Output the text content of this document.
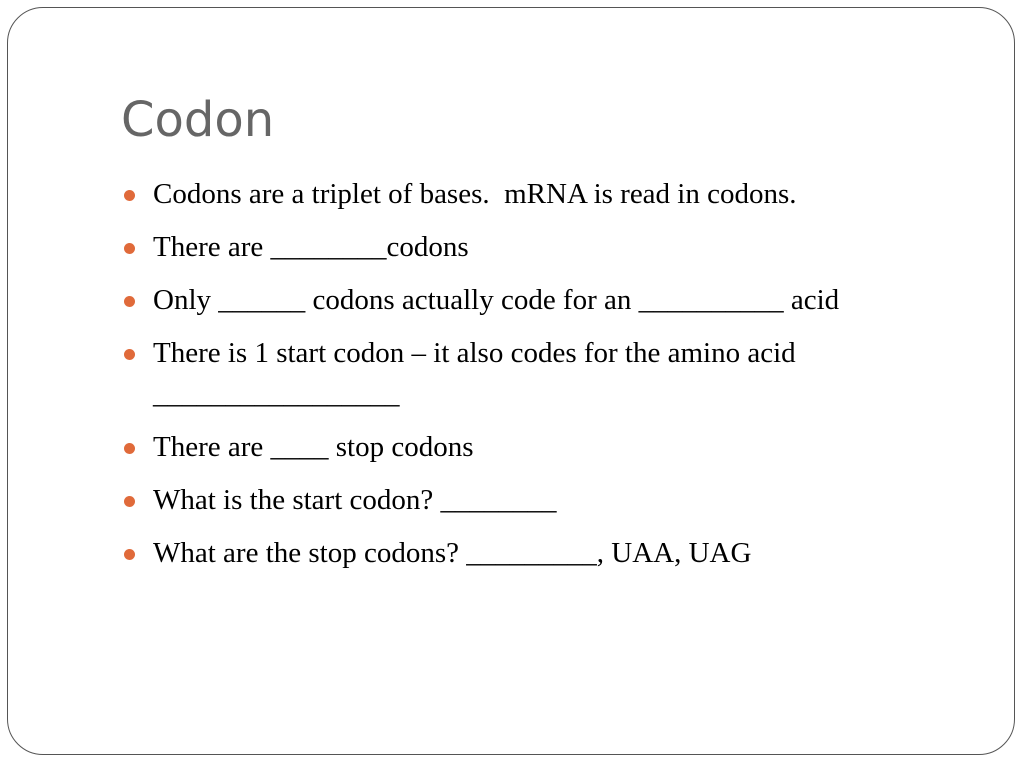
Codon
Codons are a triplet of bases.  mRNA is read in codons.
There are ________codons
Only ______ codons actually code for an __________ acid
There is 1 start codon – it also codes for the amino acid _________________
There are ____ stop codons
What is the start codon? ________
What are the stop codons? _________, UAA, UAG
